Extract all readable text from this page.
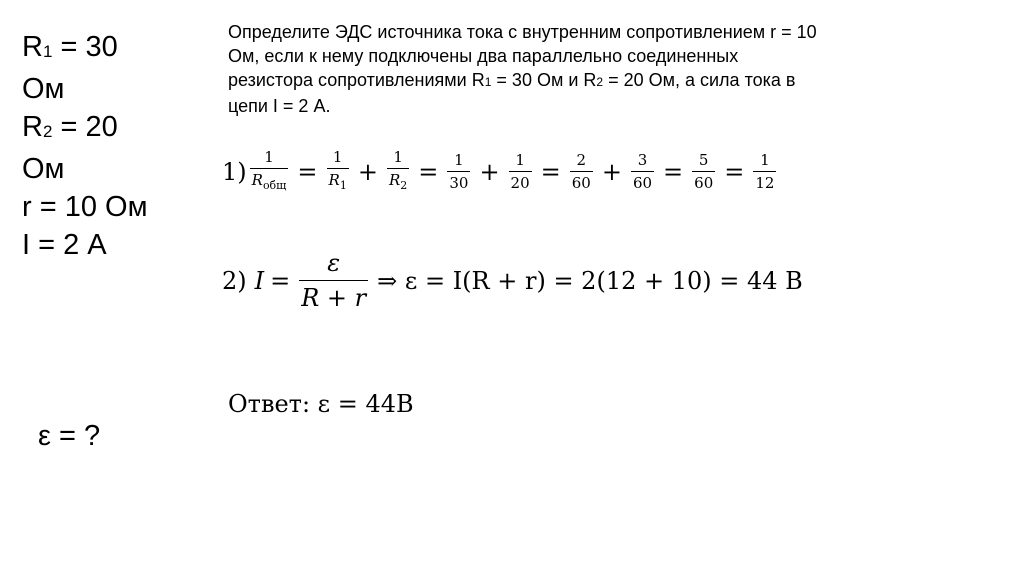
$R_1 = 30$
Ом
$R_2 = 20$
Ом
r = 10 Ом
I = 2 А
ε = ?
Определите ЭДС источника тока с внутренним сопротивлением r = 10
Ом, если к нему подключены два параллельно соединенных
резистора сопротивлениями R1 = 30 Ом и R2 = 20 Ом, а сила тока в
цепи I = 2 А.
$1) \frac{1}{R_{общ}} = \frac{1}{R_1} + \frac{1}{R_2} = \frac{1}{30} + \frac{1}{20} = \frac{2}{60} + \frac{3}{60} = \frac{5}{60} = \frac{1}{12}$
2) $I = \frac{\varepsilon}{R + r}$ ⇒ ε = I(R + r) = 2(12 + 10) = 44 В
Ответ: ε = 44В
